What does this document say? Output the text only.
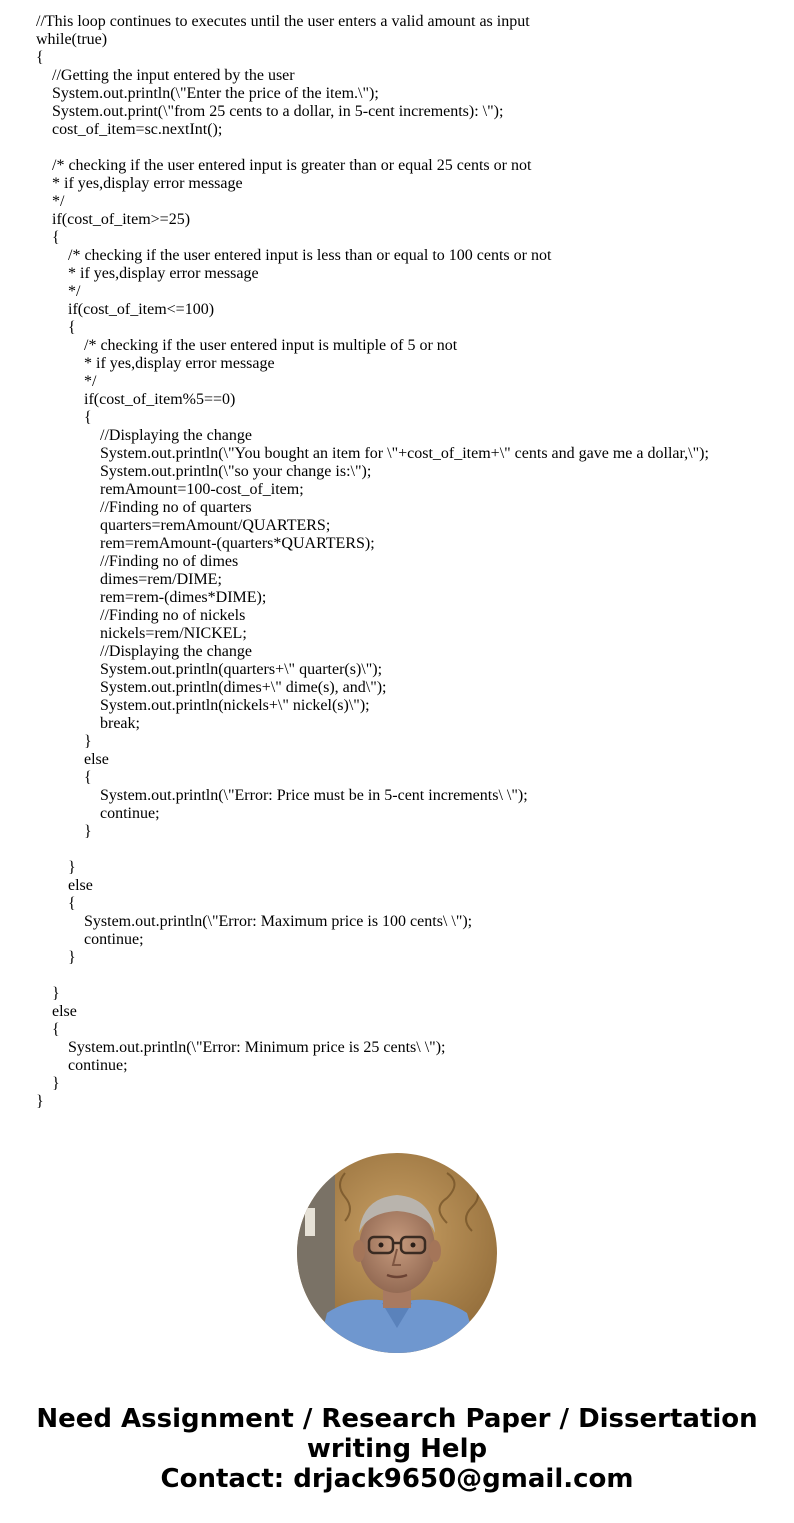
//This loop continues to executes until the user enters a valid amount as input
while(true)
{
//Getting the input entered by the user
System.out.println(\"Enter the price of the item.\");
System.out.print(\"from 25 cents to a dollar, in 5-cent increments): \");
cost_of_item=sc.nextInt();
/* checking if the user entered input is greater than or equal 25 cents or not
* if yes,display error message
*/
if(cost_of_item>=25)
{
/* checking if the user entered input is less than or equal to 100 cents or not
* if yes,display error message
*/
if(cost_of_item<=100)
{
/* checking if the user entered input is multiple of 5 or not
* if yes,display error message
*/
if(cost_of_item%5==0)
{
//Displaying the change
System.out.println(\"You bought an item for \"+cost_of_item+\" cents and gave me a dollar,\");
System.out.println(\"so your change is:\");
remAmount=100-cost_of_item;
//Finding no of quarters
quarters=remAmount/QUARTERS;
rem=remAmount-(quarters*QUARTERS);
//Finding no of dimes
dimes=rem/DIME;
rem=rem-(dimes*DIME);
//Finding no of nickels
nickels=rem/NICKEL;
//Displaying the change
System.out.println(quarters+\" quarter(s)\");
System.out.println(dimes+\" dime(s), and\");
System.out.println(nickels+\" nickel(s)\");
break;
}
else
{
System.out.println(\"Error: Price must be in 5-cent increments\ \");
continue;
}
}
else
{
System.out.println(\"Error: Maximum price is 100 cents\ \");
continue;
}
}
else
{
System.out.println(\"Error: Minimum price is 25 cents\ \");
continue;
}
}
Need Assignment / Research Paper / Dissertation
writing Help
Contact: drjack9650@gmail.com
